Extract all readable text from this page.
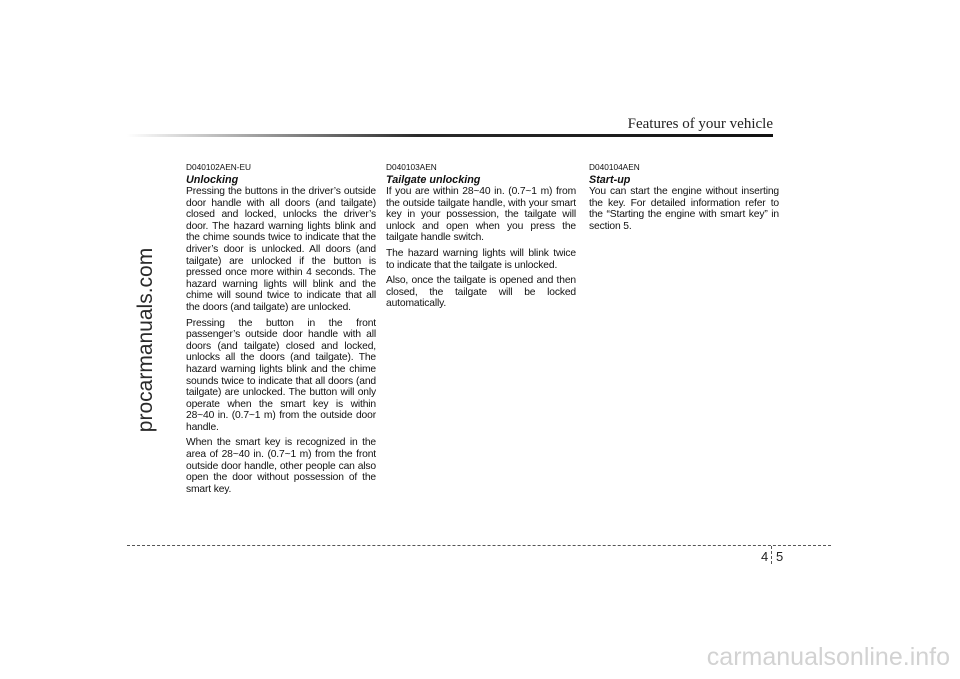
Features of your vehicle
D040102AEN-EU
Unlocking

Pressing the buttons in the driver’s outside door handle with all doors (and tailgate) closed and locked, unlocks the driver’s door. The hazard warning lights blink and the chime sounds twice to indicate that the driver’s door is unlocked. All doors (and tailgate) are unlocked if the button is pressed once more within 4 seconds. The hazard warning lights will blink and the chime will sound twice to indicate that all the doors (and tailgate) are unlocked.

Pressing the button in the front passenger’s outside door handle with all doors (and tailgate) closed and locked, unlocks all the doors (and tailgate). The hazard warning lights blink and the chime sounds twice to indicate that all doors (and tailgate) are unlocked. The button will only operate when the smart key is within 28~40 in. (0.7~1 m) from the outside door handle.

When the smart key is recognized in the area of 28~40 in. (0.7~1 m) from the front outside door handle, other people can also open the door without possession of the smart key.

D040103AEN
Tailgate unlocking

If you are within 28~40 in. (0.7~1 m) from the outside tailgate handle, with your smart key in your possession, the tailgate will unlock and open when you press the tailgate handle switch.

The hazard warning lights will blink twice to indicate that the tailgate is unlocked.

Also, once the tailgate is opened and then closed, the tailgate will be locked automatically.

D040104AEN
Start-up

You can start the engine without inserting the key. For detailed information refer to the “Starting the engine with smart key” in section 5.

4 5
procarmanuals.com
carmanualsonline.info
